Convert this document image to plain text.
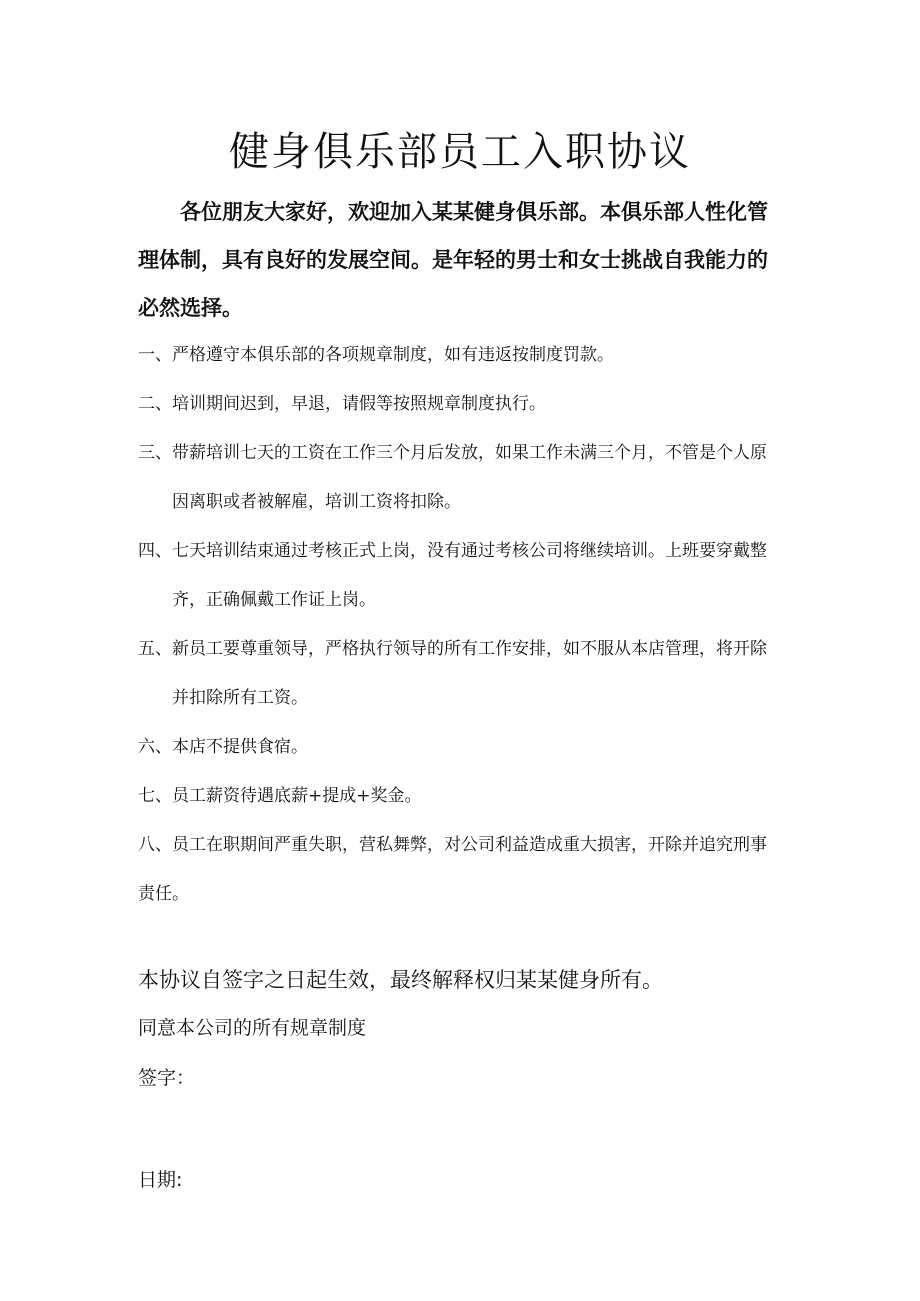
健身俱乐部员工入职协议

各位朋友大家好，欢迎加入某某健身俱乐部。本俱乐部人性化管理体制，具有良好的发展空间。是年轻的男士和女士挑战自我能力的必然选择。

一、 严格遵守本俱乐部的各项规章制度，如有违返按制度罚款。
二、 培训期间迟到，早退，请假等按照规章制度执行。
三、 带薪培训七天的工资在工作三个月后发放，如果工作未满三个月，不管是个人原因离职或者被解雇，培训工资将扣除。
四、 七天培训结束通过考核正式上岗，没有通过考核公司将继续培训。上班要穿戴整齐，正确佩戴工作证上岗。
五、 新员工要尊重领导，严格执行领导的所有工作安排，如不服从本店管理，将开除并扣除所有工资。
六、 本店不提供食宿。
七、 员工薪资待遇底薪+提成+奖金。
八、员工在职期间严重失职，营私舞弊，对公司利益造成重大损害，开除并追究刑事责任。

本协议自签字之日起生效，最终解释权归某某健身所有。

同意本公司的所有规章制度

签字：

日期:
